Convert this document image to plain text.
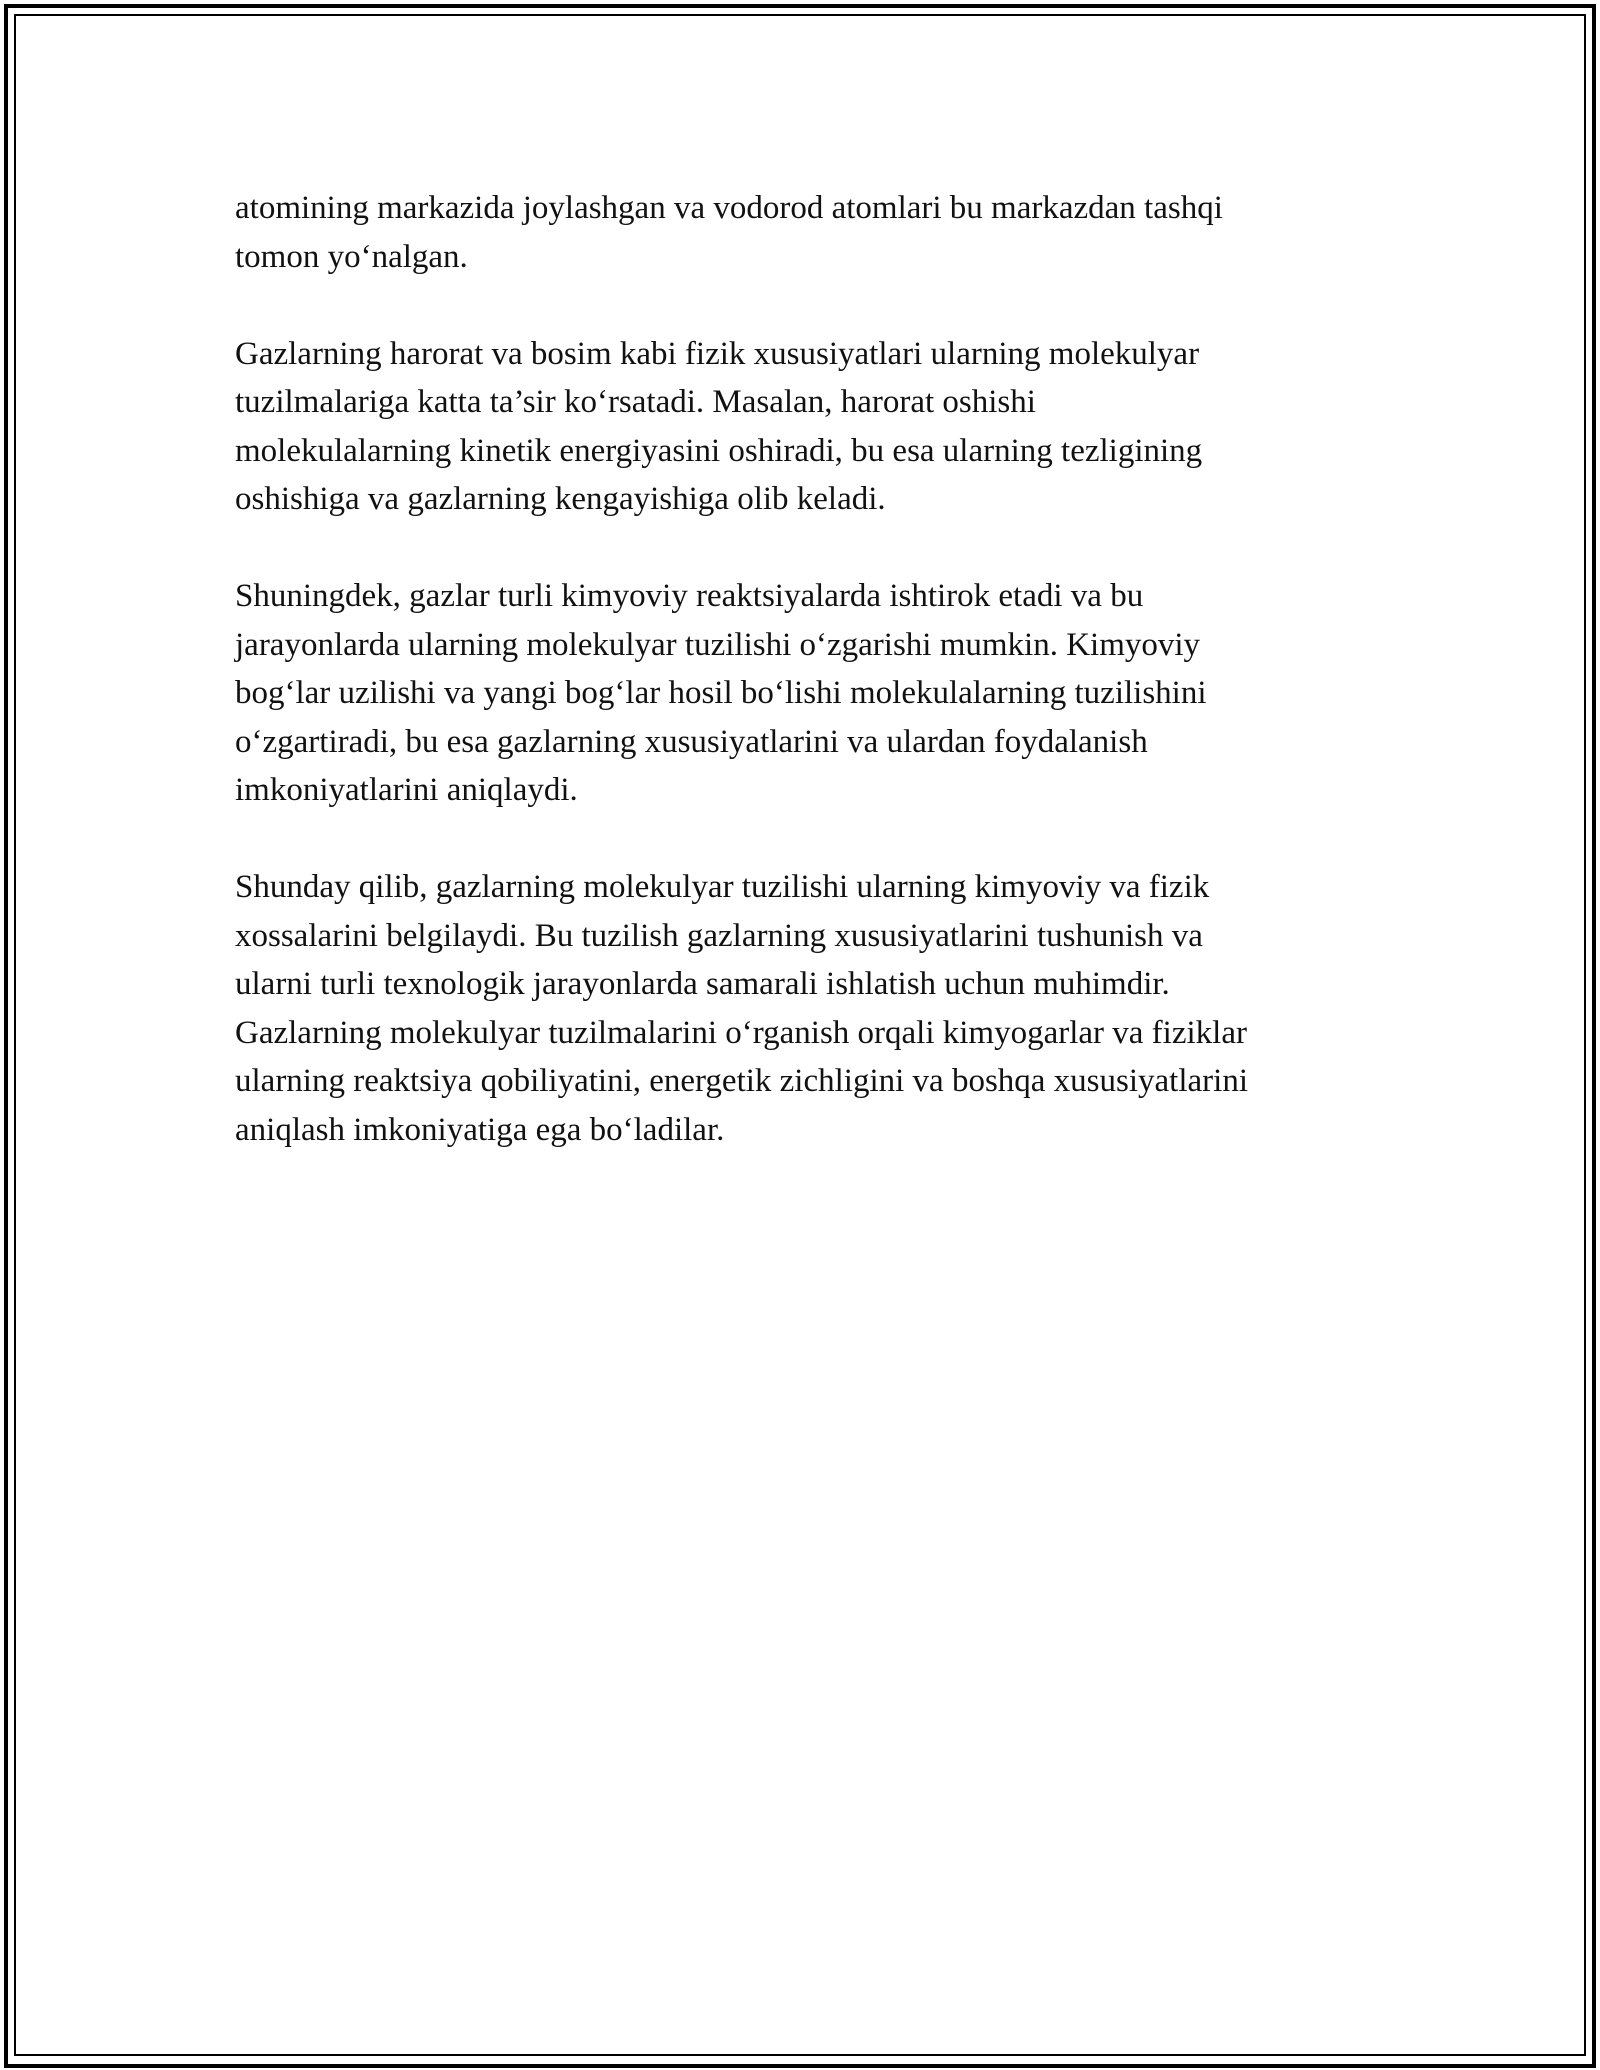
atomining markazida joylashgan va vodorod atomlari bu markazdan tashqi
tomon yo‘nalgan.

Gazlarning harorat va bosim kabi fizik xususiyatlari ularning molekulyar
tuzilmalariga katta ta’sir ko‘rsatadi. Masalan, harorat oshishi
molekulalarning kinetik energiyasini oshiradi, bu esa ularning tezligining
oshishiga va gazlarning kengayishiga olib keladi.

Shuningdek, gazlar turli kimyoviy reaktsiyalarda ishtirok etadi va bu
jarayonlarda ularning molekulyar tuzilishi o‘zgarishi mumkin. Kimyoviy
bog‘lar uzilishi va yangi bog‘lar hosil bo‘lishi molekulalarning tuzilishini
o‘zgartiradi, bu esa gazlarning xususiyatlarini va ulardan foydalanish
imkoniyatlarini aniqlaydi.

Shunday qilib, gazlarning molekulyar tuzilishi ularning kimyoviy va fizik
xossalarini belgilaydi. Bu tuzilish gazlarning xususiyatlarini tushunish va
ularni turli texnologik jarayonlarda samarali ishlatish uchun muhimdir.
Gazlarning molekulyar tuzilmalarini o‘rganish orqali kimyogarlar va fiziklar
ularning reaktsiya qobiliyatini, energetik zichligini va boshqa xususiyatlarini
aniqlash imkoniyatiga ega bo‘ladilar.
